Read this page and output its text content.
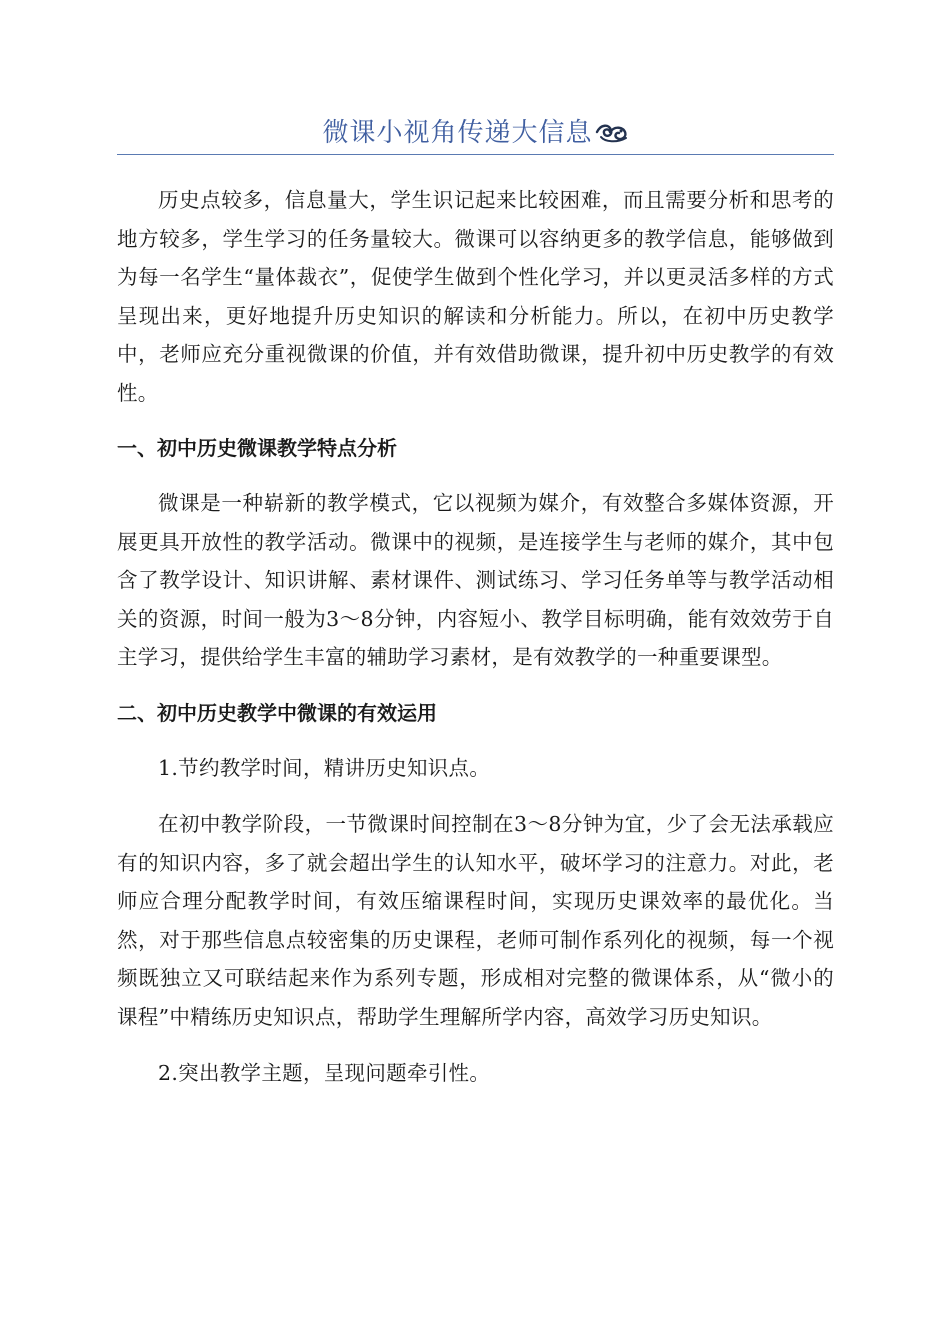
微课小视角传递大信息

历史点较多，信息量大，学生识记起来比较困难，而且需要分析和思考的地方较多，学生学习的任务量较大。微课可以容纳更多的教学信息，能够做到为每一名学生“量体裁衣”，促使学生做到个性化学习，并以更灵活多样的方式呈现出来，更好地提升历史知识的解读和分析能力。所以，在初中历史教学中，老师应充分重视微课的价值，并有效借助微课，提升初中历史教学的有效性。

一、初中历史微课教学特点分析

微课是一种崭新的教学模式，它以视频为媒介，有效整合多媒体资源，开展更具开放性的教学活动。微课中的视频，是连接学生与老师的媒介，其中包含了教学设计、知识讲解、素材课件、测试练习、学习任务单等与教学活动相关的资源，时间一般为3～8分钟，内容短小、教学目标明确，能有效效劳于自主学习，提供给学生丰富的辅助学习素材，是有效教学的一种重要课型。

二、初中历史教学中微课的有效运用

1.节约教学时间，精讲历史知识点。

在初中教学阶段，一节微课时间控制在3～8分钟为宜，少了会无法承载应有的知识内容，多了就会超出学生的认知水平，破坏学习的注意力。对此，老师应合理分配教学时间，有效压缩课程时间，实现历史课效率的最优化。当然，对于那些信息点较密集的历史课程，老师可制作系列化的视频，每一个视频既独立又可联结起来作为系列专题，形成相对完整的微课体系，从“微小的课程”中精练历史知识点，帮助学生理解所学内容，高效学习历史知识。

2.突出教学主题，呈现问题牵引性。
